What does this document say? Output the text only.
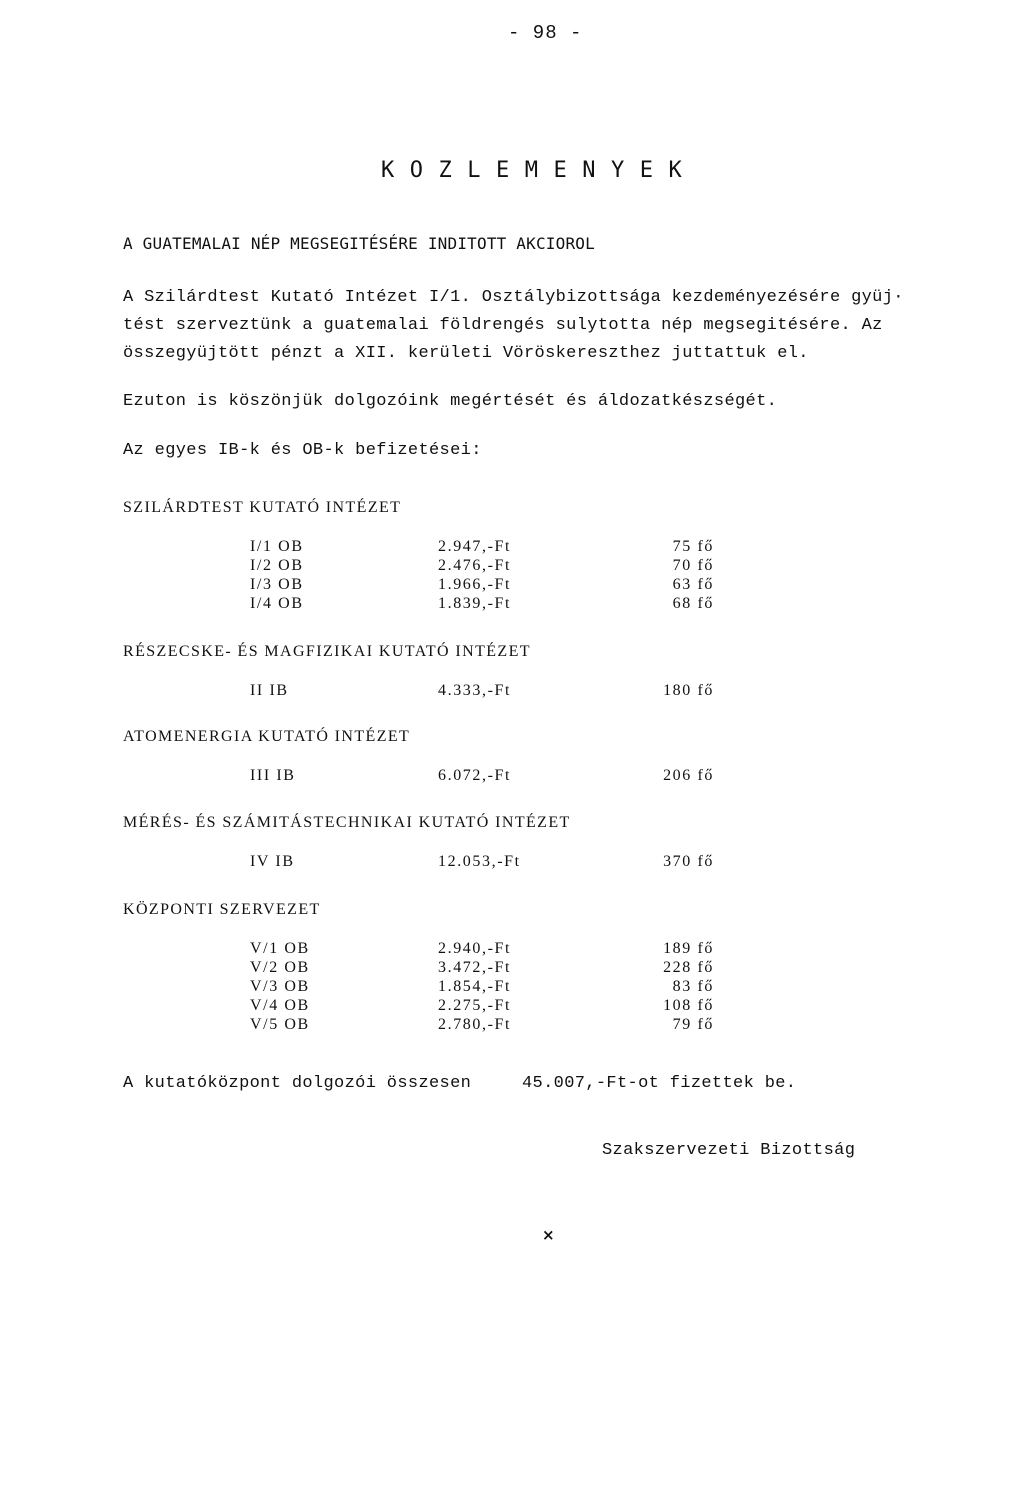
- 98 -
KOZLEMENYEK
A GUATEMALAI NÉP MEGSEGITÉSÉRE INDITOTT AKCIOROL
A Szilárdtest Kutató Intézet I/1. Osztálybizottsága kezdeményezésére gyüj·
tést szerveztünk a guatemalai földrengés sulytotta nép megsegitésére. Az
összegyüjtött pénzt a XII. kerületi Vöröskereszthez juttattuk el.
Ezuton is köszönjük dolgozóink megértését és áldozatkészségét.
Az egyes IB-k és OB-k befizetései:
SZILÁRDTEST KUTATÓ INTÉZET
I/1 OB	2.947,-Ft	75 fő
I/2 OB	2.476,-Ft	70 fő
I/3 OB	1.966,-Ft	63 fő
I/4 OB	1.839,-Ft	68 fő
RÉSZECSKE- ÉS MAGFIZIKAI KUTATÓ INTÉZET
II IB	4.333,-Ft	180 fő
ATOMENERGIA KUTATÓ INTÉZET
III IB	6.072,-Ft	206 fő
MÉRÉS- ÉS SZÁMITÁSTECHNIKAI KUTATÓ INTÉZET
IV IB	12.053,-Ft	370 fő
KÖZPONTI SZERVEZET
V/1 OB	2.940,-Ft	189 fő
V/2 OB	3.472,-Ft	228 fő
V/3 OB	1.854,-Ft	83 fő
V/4 OB	2.275,-Ft	108 fő
V/5 OB	2.780,-Ft	79 fő
A kutatóközpont dolgozói összesen	45.007,-Ft-ot fizettek be.
Szakszervezeti Bizottság
×
